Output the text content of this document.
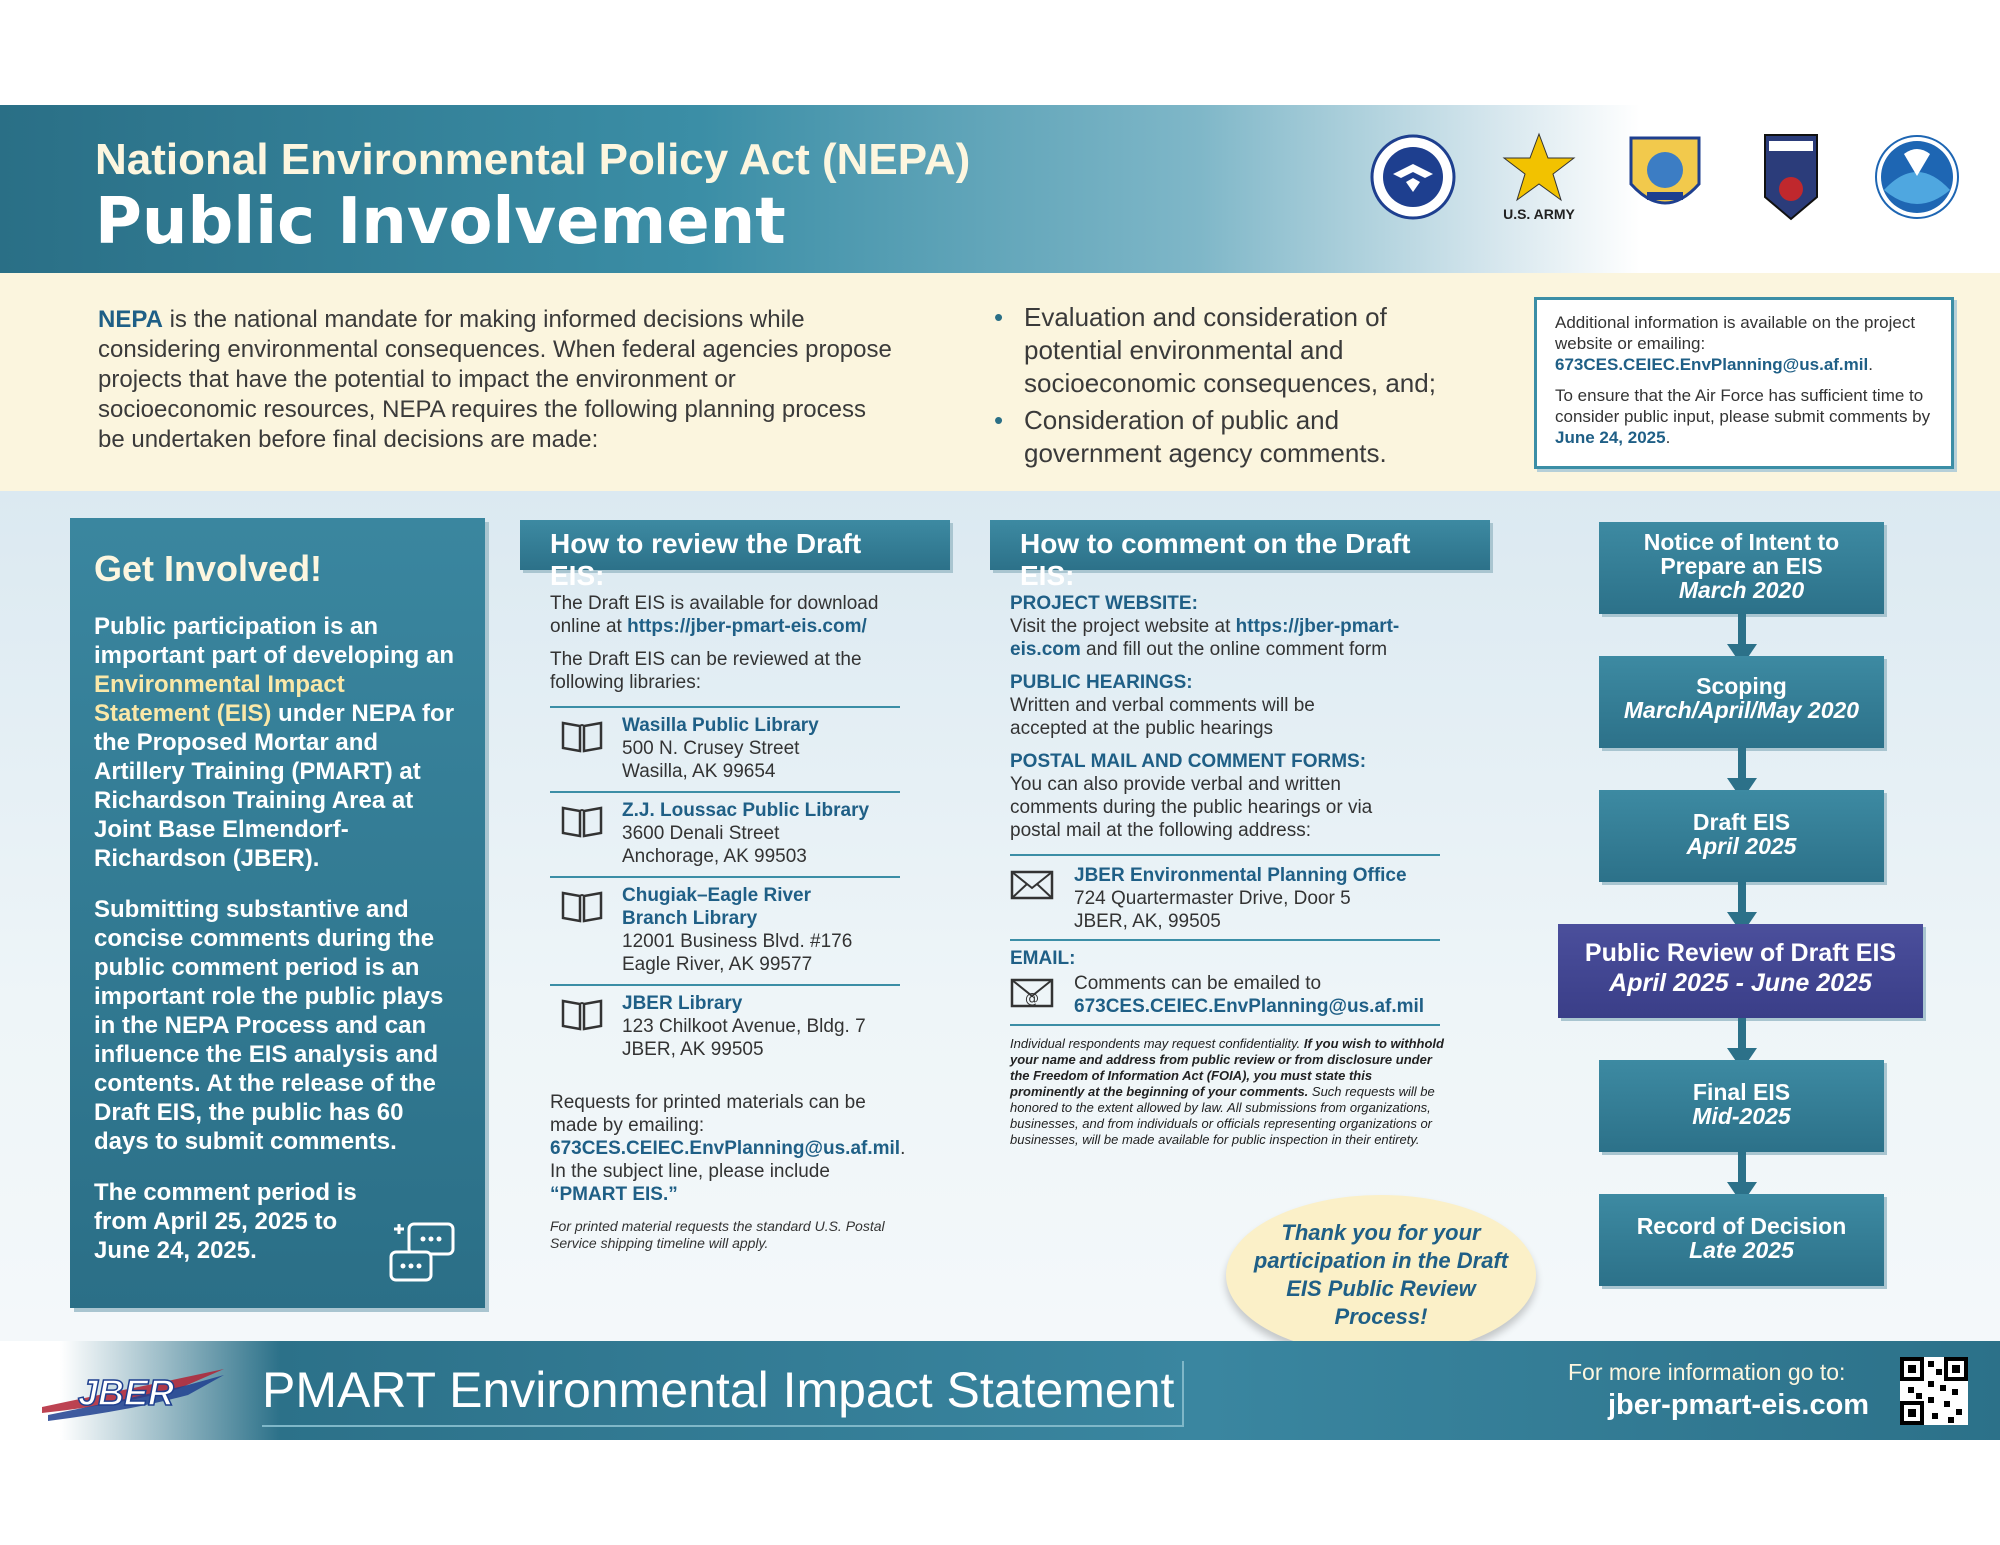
National Environmental Policy Act (NEPA)
Public Involvement	U.S. ARMY
NEPA is the national mandate for making informed decisions while considering environmental consequences. When federal agencies propose projects that have the potential to impact the environment or socioeconomic resources, NEPA requires the following planning process be undertaken before final decisions are made:
• Evaluation and consideration of potential environmental and socioeconomic consequences, and;
• Consideration of public and government agency comments.

Additional information is available on the project website or emailing:
673CES.CEIEC.EnvPlanning@us.af.mil.

To ensure that the Air Force has sufficient time to consider public input, please submit comments by June 24, 2025.

Get Involved!

Public participation is an important part of developing an Environmental Impact Statement (EIS) under NEPA for the Proposed Mortar and Artillery Training (PMART) at Richardson Training Area at Joint Base Elmendorf-Richardson (JBER).

Submitting substantive and concise comments during the public comment period is an important role the public plays in the NEPA Process and can influence the EIS analysis and contents. At the release of the Draft EIS, the public has 60 days to submit comments.

The comment period is from April 25, 2025 to June 24, 2025.

How to review the Draft EIS:
The Draft EIS is available for download online at https://jber-pmart-eis.com/
The Draft EIS can be reviewed at the following libraries:
Wasilla Public Library
500 N. Crusey Street
Wasilla, AK 99654
Z.J. Loussac Public Library
3600 Denali Street
Anchorage, AK 99503
Chugiak–Eagle River Branch Library
12001 Business Blvd. #176
Eagle River, AK 99577
JBER Library
123 Chilkoot Avenue, Bldg. 7
JBER, AK 99505
Requests for printed materials can be made by emailing:
673CES.CEIEC.EnvPlanning@us.af.mil.
In the subject line, please include “PMART EIS.”
For printed material requests the standard U.S. Postal Service shipping timeline will apply.
How to comment on the Draft EIS:
PROJECT WEBSITE:
Visit the project website at https://jber-pmart-eis.com and fill out the online comment form
PUBLIC HEARINGS:
Written and verbal comments will be accepted at the public hearings
POSTAL MAIL AND COMMENT FORMS:
You can also provide verbal and written comments during the public hearings or via postal mail at the following address:
JBER Environmental Planning Office
724 Quartermaster Drive, Door 5
JBER, AK, 99505
EMAIL:
@
Comments can be emailed to
673CES.CEIEC.EnvPlanning@us.af.mil
Individual respondents may request confidentiality. If you wish to withhold your name and address from public review or from disclosure under the Freedom of Information Act (FOIA), you must state this prominently at the beginning of your comments. Such requests will be honored to the extent allowed by law. All submissions from organizations, businesses, and from individuals or officials representing organizations or businesses, will be made available for public inspection in their entirety.
Thank you for your participation in the Draft EIS Public Review Process!
Notice of Intent to Prepare an EIS
March 2020
Scoping
March/April/May 2020
Draft EIS
April 2025
Public Review of Draft EIS
April 2025 - June 2025
Final EIS
Mid-2025
Record of Decision
Late 2025
JBER PMART Environmental Impact Statement	For more information go to:
jber-pmart-eis.com
